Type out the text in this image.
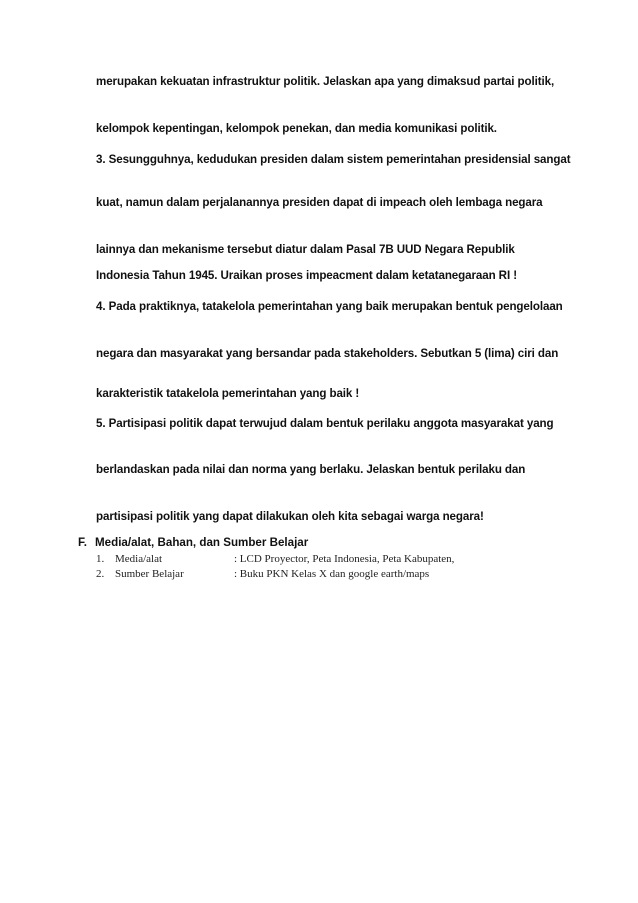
merupakan kekuatan infrastruktur politik. Jelaskan apa yang dimaksud partai politik,

kelompok kepentingan, kelompok penekan, dan media komunikasi politik.

3. Sesungguhnya, kedudukan presiden dalam sistem pemerintahan presidensial sangat

kuat, namun dalam perjalanannya presiden dapat di impeach oleh lembaga negara

lainnya dan mekanisme tersebut diatur dalam Pasal 7B UUD Negara Republik

Indonesia Tahun 1945. Uraikan proses impeacment dalam ketatanegaraan RI !

4. Pada praktiknya, tatakelola pemerintahan yang baik merupakan bentuk pengelolaan

negara dan masyarakat yang bersandar pada stakeholders. Sebutkan 5 (lima) ciri dan

karakteristik tatakelola pemerintahan yang baik !

5. Partisipasi politik dapat terwujud dalam bentuk perilaku anggota masyarakat yang

berlandaskan pada nilai dan norma yang berlaku. Jelaskan bentuk perilaku dan

partisipasi politik yang dapat dilakukan oleh kita sebagai warga negara!

F. Media/alat, Bahan, dan Sumber Belajar
1. Media/alat	: LCD Proyector, Peta Indonesia, Peta Kabupaten,
2. Sumber Belajar	: Buku PKN Kelas X dan google earth/maps
